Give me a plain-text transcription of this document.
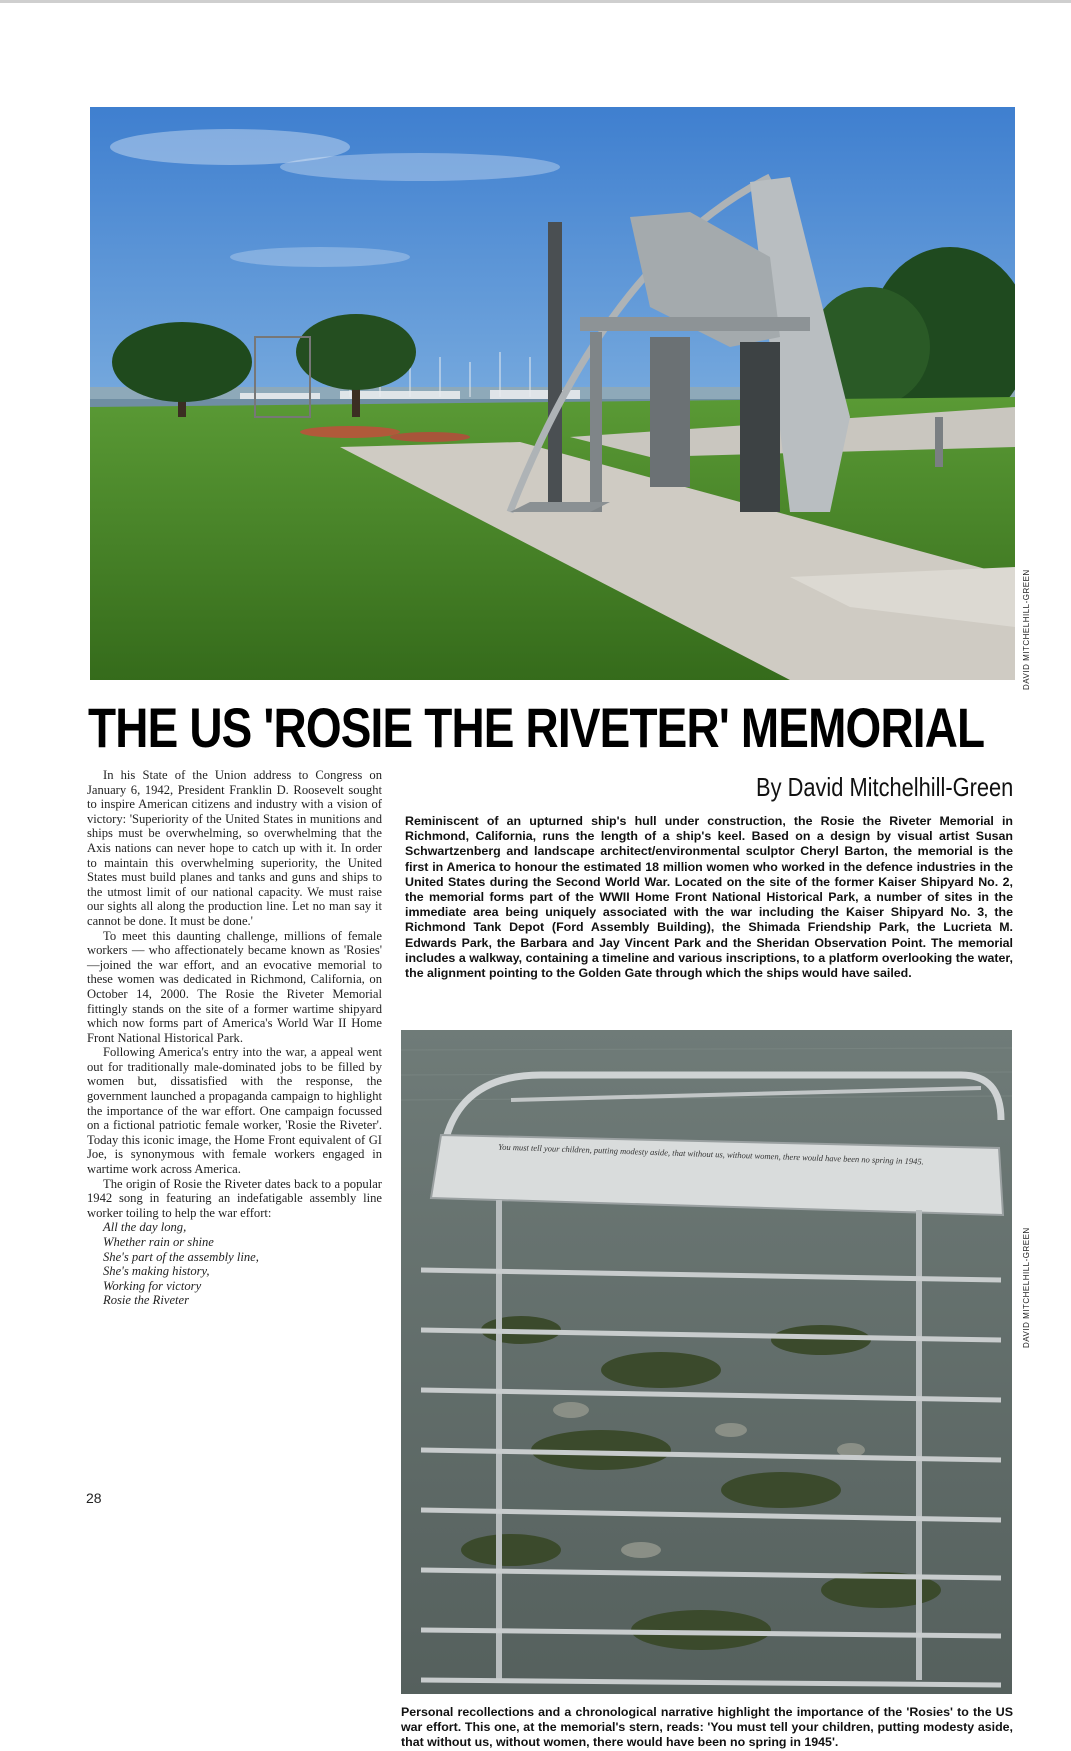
DAVID MITCHELHILL-GREEN
THE US 'ROSIE THE RIVETER' MEMORIAL
By David Mitchelhill-Green

In his State of the Union address to Congress on January 6, 1942, President Franklin D. Roosevelt sought to inspire American citizens and industry with a vision of victory: 'Superiority of the United States in munitions and ships must be overwhelming, so overwhelming that the Axis nations can never hope to catch up with it. In order to maintain this overwhelming superiority, the United States must build planes and tanks and guns and ships to the utmost limit of our national capacity. We must raise our sights all along the production line. Let no man say it cannot be done. It must be done.'

To meet this daunting challenge, millions of female workers — who affectionately became known as 'Rosies' —joined the war effort, and an evocative memorial to these women was dedicated in Richmond, California, on October 14, 2000. The Rosie the Riveter Memorial fittingly stands on the site of a former wartime shipyard which now forms part of America's World War II Home Front National Historical Park.

Following America's entry into the war, a appeal went out for traditionally male-dominated jobs to be filled by women but, dissatisfied with the response, the government launched a propaganda campaign to highlight the importance of the war effort. One campaign focussed on a fictional patriotic female worker, 'Rosie the Riveter'. Today this iconic image, the Home Front equivalent of GI Joe, is synonymous with female workers engaged in wartime work across America.

The origin of Rosie the Riveter dates back to a popular 1942 song in featuring an indefatigable assembly line worker toiling to help the war effort:

All the day long,
Whether rain or shine
She's part of the assembly line,
She's making history,
Working for victory
Rosie the Riveter
Reminiscent of an upturned ship's hull under construction, the Rosie the Riveter Memorial in Richmond, California, runs the length of a ship's keel. Based on a design by visual artist Susan Schwartzenberg and landscape architect/environmental sculptor Cheryl Barton, the memorial is the first in America to honour the estimated 18 million women who worked in the defence industries in the United States during the Second World War. Located on the site of the former Kaiser Shipyard No. 2, the memorial forms part of the WWII Home Front National Historical Park, a number of sites in the immediate area being uniquely associated with the war including the Kaiser Shipyard No. 3, the Richmond Tank Depot (Ford Assembly Building), the Shimada Friendship Park, the Lucrieta M. Edwards Park, the Barbara and Jay Vincent Park and the Sheridan Observation Point. The memorial includes a walkway, containing a timeline and various inscriptions, to a platform overlooking the water, the alignment pointing to the Golden Gate through which the ships would have sailed.
You must tell your children, putting modesty aside, that without us, without women, there would have been no spring in 1945.
DAVID MITCHELHILL-GREEN
Personal recollections and a chronological narrative highlight the importance of the 'Rosies' to the US war effort. This one, at the memorial's stern, reads: 'You must tell your children, putting modesty aside, that without us, without women, there would have been no spring in 1945'.
28
